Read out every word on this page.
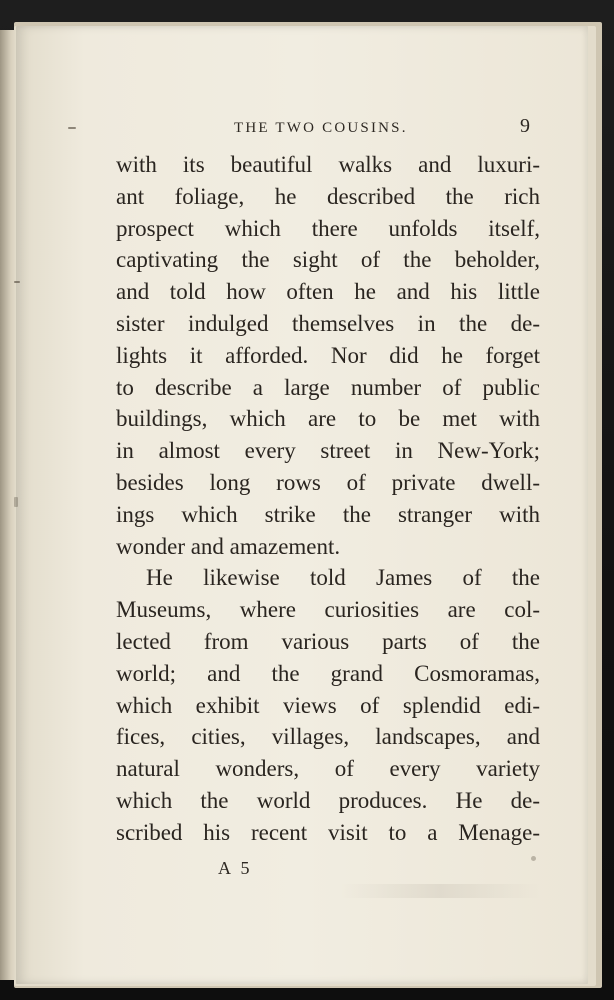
THE TWO COUSINS.	9
with its beautiful walks and luxuri-
ant foliage, he described the rich
prospect which there unfolds itself,
captivating the sight of the beholder,
and told how often he and his little
sister indulged themselves in the de-
lights it afforded. Nor did he forget
to describe a large number of public
buildings, which are to be met with
in almost every street in New-York;
besides long rows of private dwell-
ings which strike the stranger with
wonder and amazement.
He likewise told James of the
Museums, where curiosities are col-
lected from various parts of the
world; and the grand Cosmoramas,
which exhibit views of splendid edi-
fices, cities, villages, landscapes, and
natural wonders, of every variety
which the world produces. He de-
scribed his recent visit to a Menage-
A 5
